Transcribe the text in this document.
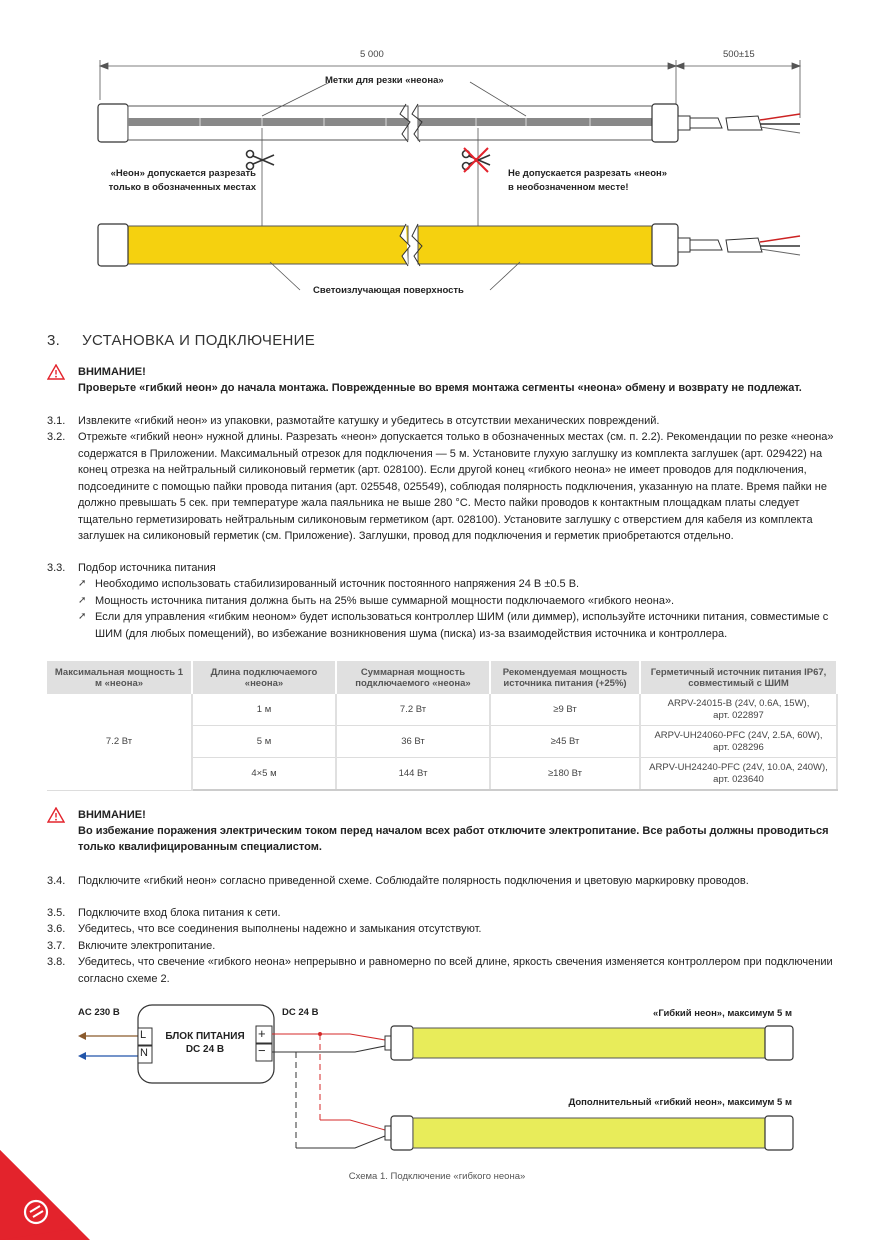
5 000	500±15
Метки для резки «неона»
«Неон» допускается разрезать
только в обозначенных местах
Не допускается разрезать «неон»
в необозначенном месте!
Светоизлучающая поверхность
3. УСТАНОВКА И ПОДКЛЮЧЕНИЕ
ВНИМАНИЕ!
Проверьте «гибкий неон» до начала монтажа. Поврежденные во время монтажа сегменты «неона» обмену и возврату не подлежат.
3.1. Извлеките «гибкий неон» из упаковки, размотайте катушку и убедитесь в отсутствии механических повреждений.
3.2. Отрежьте «гибкий неон» нужной длины. Разрезать «неон» допускается только в обозначенных местах (см. п. 2.2). Рекомендации по резке «неона» содержатся в Приложении. Максимальный отрезок для подключения — 5 м. Установите глухую заглушку из комплекта заглушек (арт. 029422) на конец отрезка на нейтральный силиконовый герметик (арт. 028100). Если другой конец «гибкого неона» не имеет проводов для подключения, подсоедините с помощью пайки провода питания (арт. 025548, 025549), соблюдая полярность подключения, указанную на плате. Время пайки не должно превышать 5 сек. при температуре жала паяльника не выше 280 °С. Место пайки проводов к контактным площадкам платы следует тщательно герметизировать нейтральным силиконовым герметиком (арт. 028100). Установите заглушку с отверстием для кабеля из комплекта заглушек на силиконовый герметик (см. Приложение). Заглушки, провод для подключения и герметик приобретаются отдельно.
3.3. Подбор источника питания
➚ Необходимо использовать стабилизированный источник постоянного напряжения 24 В ±0.5 В.
➚ Мощность источника питания должна быть на 25% выше суммарной мощности подключаемого «гибкого неона».
➚ Если для управления «гибким неоном» будет использоваться контроллер ШИМ (или диммер), используйте источники питания, совместимые с ШИМ (для любых помещений), во избежание возникновения шума (писка) из-за взаимодействия источника и контроллера.
Максимальная мощность 1 м «неона»	Длина подключаемого «неона»	Суммарная мощность подключаемого «неона»	Рекомендуемая мощность источника питания (+25%)	Герметичный источник питания IP67, совместимый с ШИМ
7.2 Вт	1 м	7.2 Вт	≥9 Вт	ARPV-24015-B (24V, 0.6A, 15W),
арт. 022897

	5 м	36 Вт	≥45 Вт	ARPV-UH24060-PFC (24V, 2.5A, 60W),
арт. 028296

	4×5 м	144 Вт	≥180 Вт	ARPV-UH24240-PFC (24V, 10.0A, 240W),
арт. 023640
ВНИМАНИЕ!
Во избежание поражения электрическим током перед началом всех работ отключите электропитание. Все работы должны проводиться только квалифицированным специалистом.
3.4. Подключите «гибкий неон» согласно приведенной схеме. Соблюдайте полярность подключения и цветовую маркировку проводов.
3.5. Подключите вход блока питания к сети.
3.6. Убедитесь, что все соединения выполнены надежно и замыкания отсутствуют.
3.7. Включите электропитание.
3.8. Убедитесь, что свечение «гибкого неона» непрерывно и равномерно по всей длине, яркость свечения изменяется контроллером при подключении согласно схеме 2.
AC 230 В	DC 24 В
БЛОК ПИТАНИЯ
DC 24 В
L
N
+
−
«Гибкий неон», максимум 5 м
Дополнительный «гибкий неон», максимум 5 м
Схема 1. Подключение «гибкого неона»
